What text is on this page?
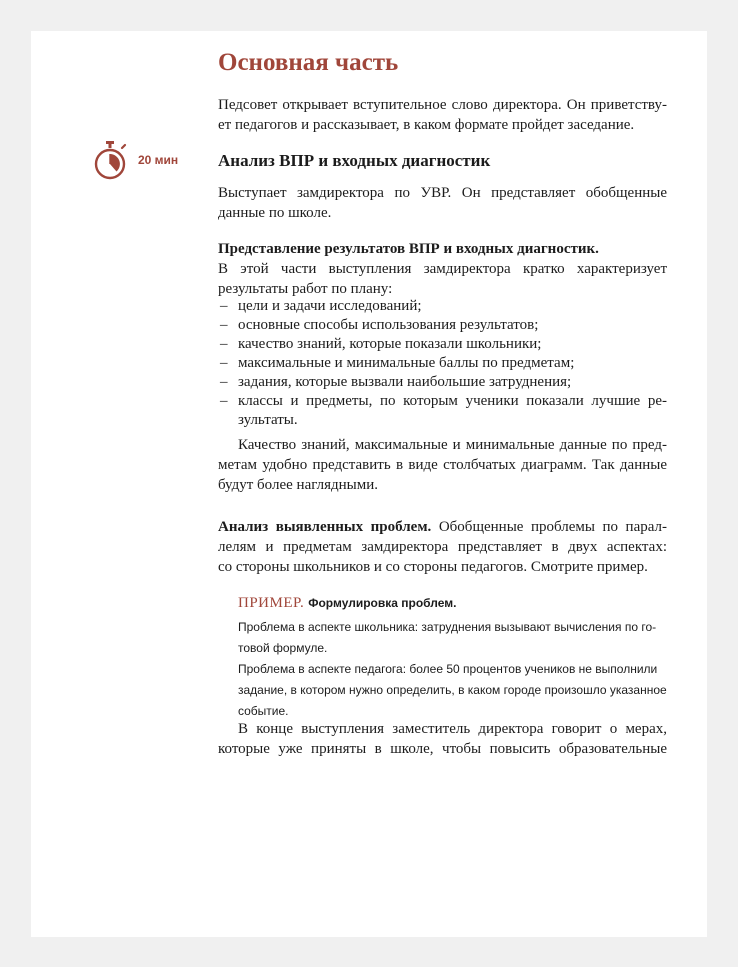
Основная часть
Педсовет открывает вступительное слово директора. Он приветству-
ет педагогов и рассказывает, в каком формате пройдет заседание.
20 мин Анализ ВПР и входных диагностик
Выступает замдиректора по УВР. Он представляет обобщенные
данные по школе.
Представление результатов ВПР и входных диагностик.
В этой части выступления замдиректора кратко характеризует
результаты работ по плану:
– цели и задачи исследований;
– основные способы использования результатов;
– качество знаний, которые показали школьники;
– максимальные и минимальные баллы по предметам;
– задания, которые вызвали наибольшие затруднения;
– классы и предметы, по которым ученики показали лучшие ре-
зультаты.
Качество знаний, максимальные и минимальные данные по пред-
метам удобно представить в виде столбчатых диаграмм. Так данные
будут более наглядными.
Анализ выявленных проблем. Обобщенные проблемы по парал-
лелям и предметам замдиректора представляет в двух аспектах:
со стороны школьников и со стороны педагогов. Смотрите пример.
ПРИМЕР. Формулировка проблем.
Проблема в аспекте школьника: затруднения вызывают вычисления по го-
товой формуле.
Проблема в аспекте педагога: более 50 процентов учеников не выполнили
задание, в котором нужно определить, в каком городе произошло указанное
событие.
В конце выступления заместитель директора говорит о мерах,
которые уже приняты в школе, чтобы повысить образовательные
